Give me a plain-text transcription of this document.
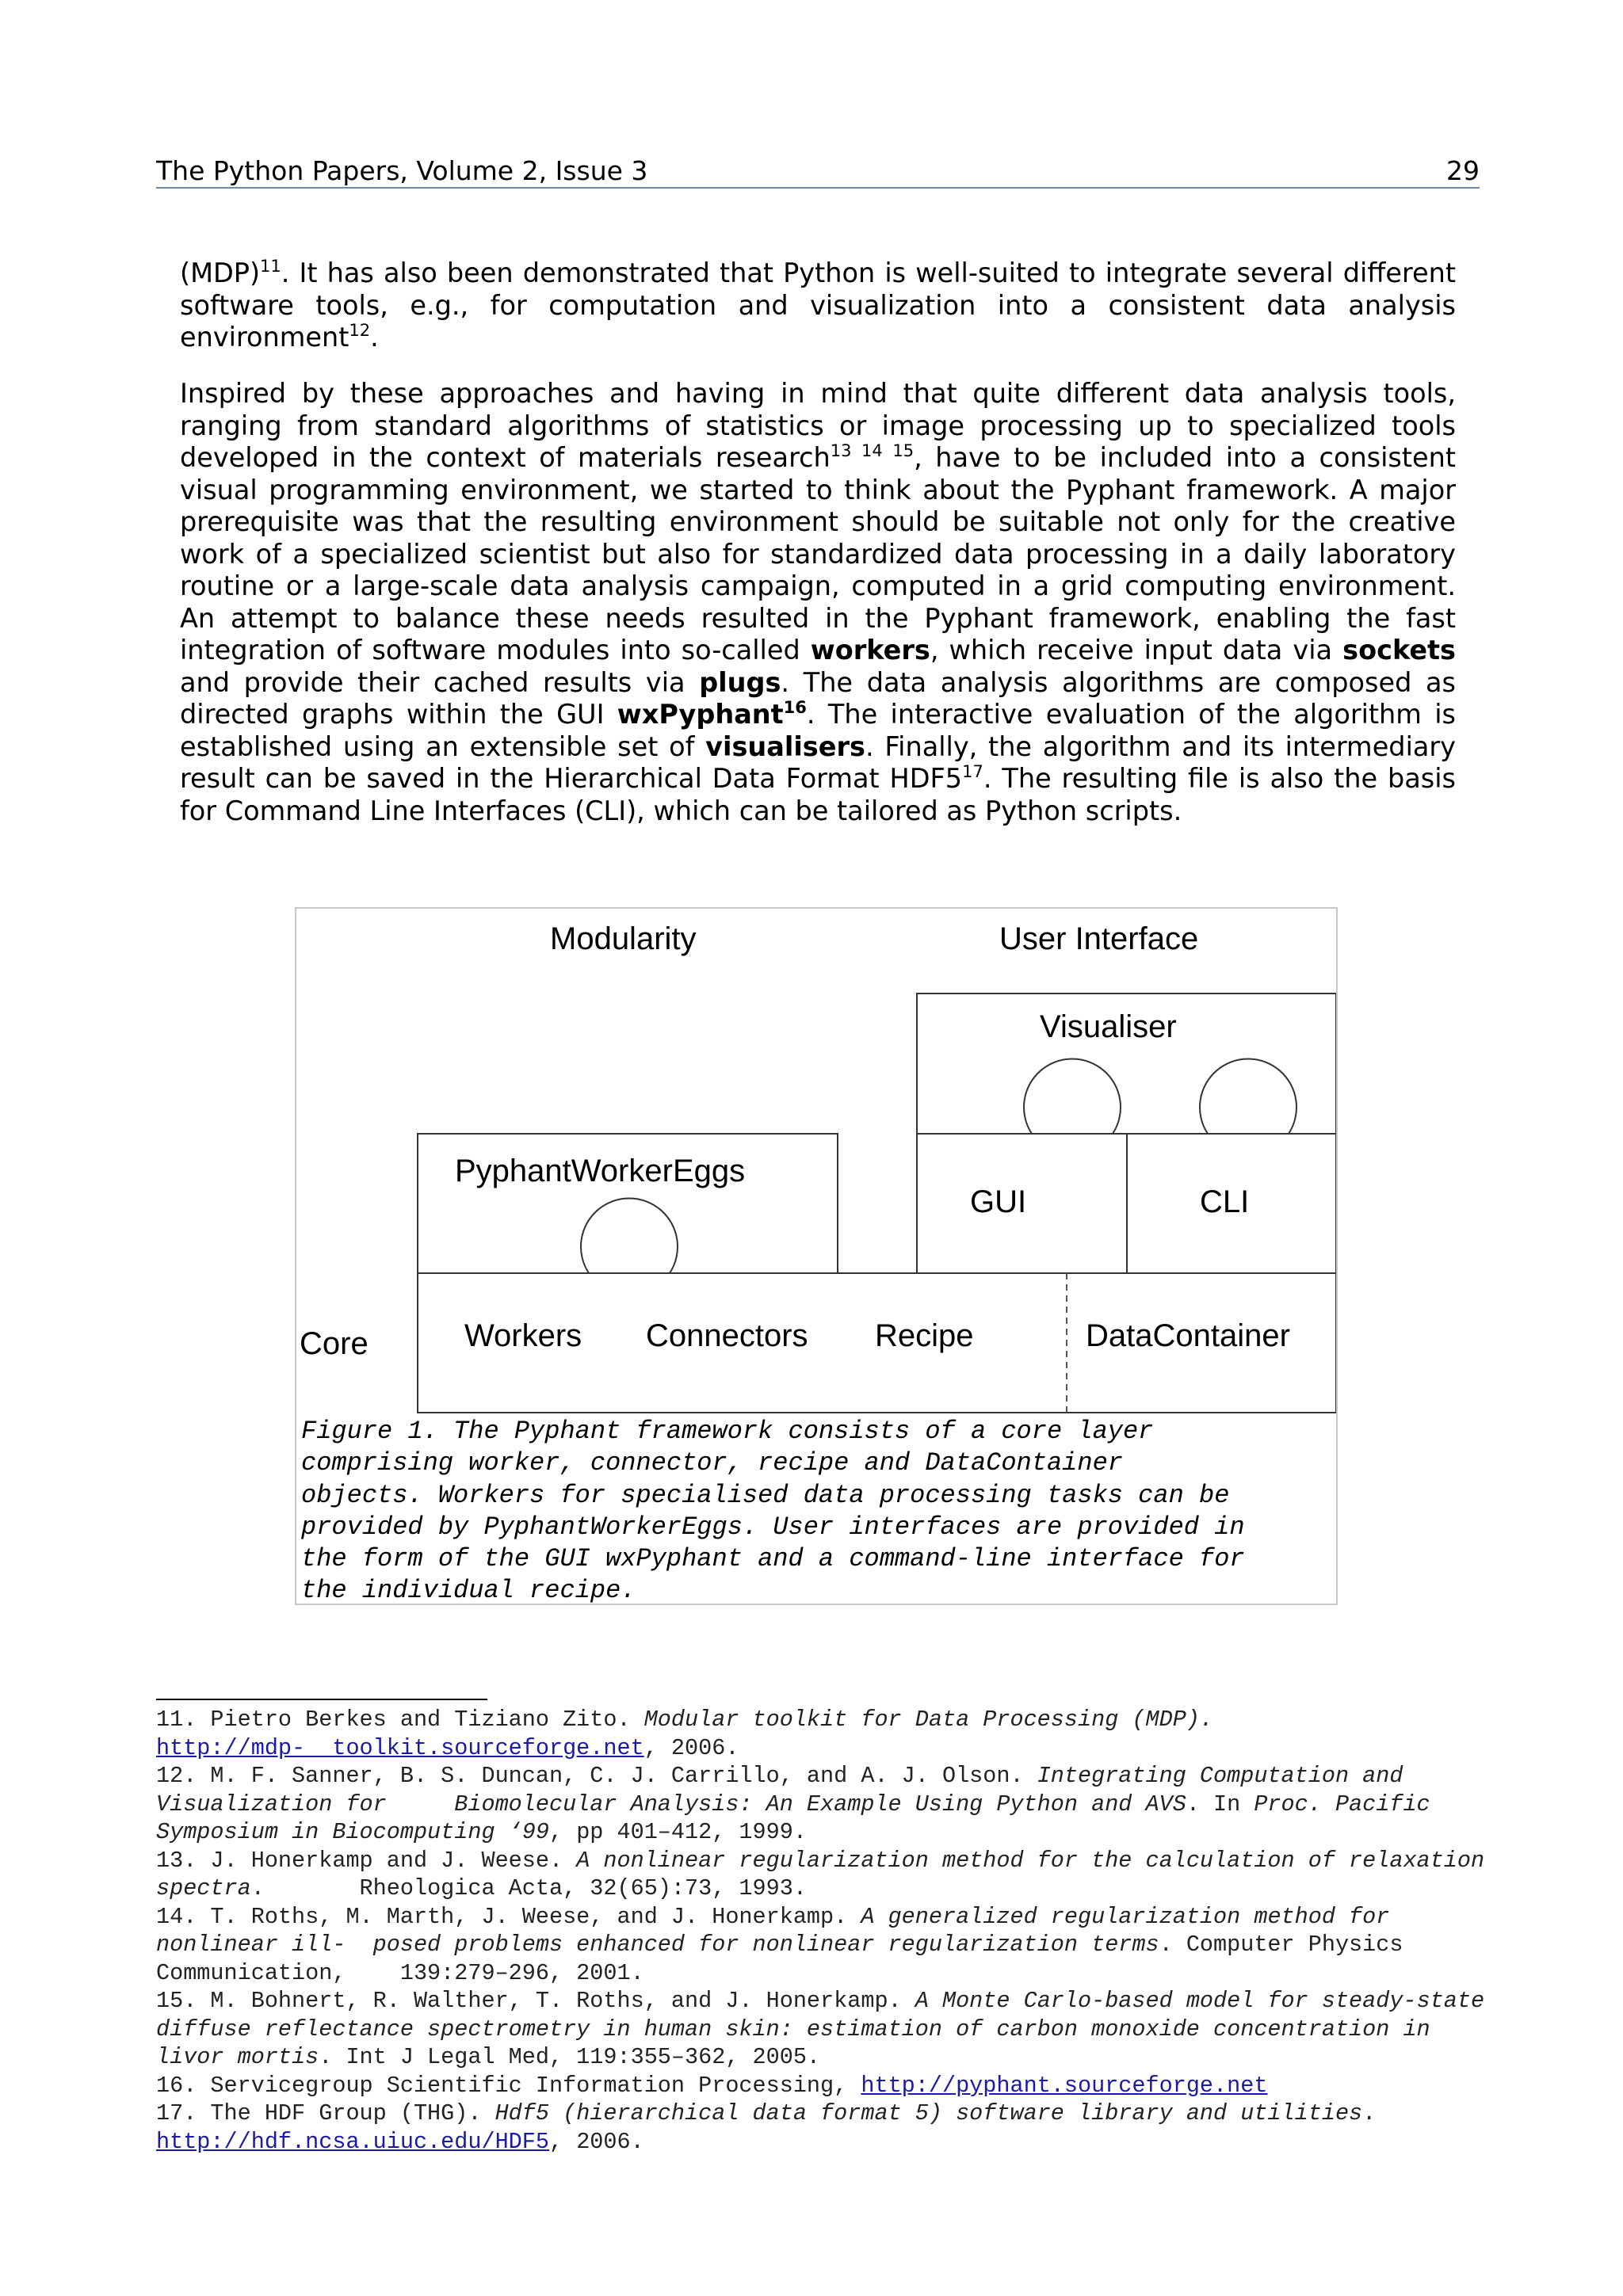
The Python Papers, Volume 2, Issue 3	29
(MDP)$^{11}$. It has also been demonstrated that Python is well-suited to integrate several different software tools, e.g., for computation and visualization into a consistent data analysis environment$^{12}$.
Inspired by these approaches and having in mind that quite different data analysis tools, ranging from standard algorithms of statistics or image processing up to specialized tools developed in the context of materials research$^{13 14 15}$, have to be included into a consistent visual programming environment, we started to think about the Pyphant framework. A major prerequisite was that the resulting environment should be suitable not only for the creative work of a specialized scientist but also for standardized data processing in a daily laboratory routine or a large-scale data analysis campaign, computed in a grid computing environment. An attempt to balance these needs resulted in the Pyphant framework, enabling the fast integration of software modules into so-called workers, which receive input data via sockets and provide their cached results via plugs. The data analysis algorithms are composed as directed graphs within the GUI wxPyphant$^{16}$. The interactive evaluation of the algorithm is established using an extensible set of visualisers. Finally, the algorithm and its intermediary result can be saved in the Hierarchical Data Format $HDF5^{17}$. The resulting file is also the basis for Command Line Interfaces (CLI), which can be tailored as Python scripts.
Modularity	User Interface
Visualiser
PyphantWorkerEggs
GUI	CLI
Core	Workers Connectors Recipe	DataContainer
Figure 1. The Pyphant framework consists of a core layer
comprising worker, connector, recipe and DataContainer
objects. Workers for specialised data processing tasks can be
provided by PyphantWorkerEggs. User interfaces are provided in
the form of the GUI wxPyphant and a command-line interface for
the individual recipe.
11. Pietro Berkes and Tiziano Zito. Modular toolkit for Data Processing (MDP).
http://mdp-  toolkit.sourceforge.net, 2006.
12. M. F. Sanner, B. S. Duncan, C. J. Carrillo, and A. J. Olson. Integrating Computation and Visualization for     Biomolecular Analysis: An Example Using Python and AVS. In Proc. Pacific Symposium in Biocomputing ‘99, pp 401–412, 1999.
13. J. Honerkamp and J. Weese. A nonlinear regularization method for the calculation of relaxation spectra.       Rheologica Acta, 32(65):73, 1993.
14. T. Roths, M. Marth, J. Weese, and J. Honerkamp. A generalized regularization method for nonlinear ill-  posed problems enhanced for nonlinear regularization terms. Computer Physics Communication,    139:279–296, 2001.
15. M. Bohnert, R. Walther, T. Roths, and J. Honerkamp. A Monte Carlo-based model for steady-state diffuse reflectance spectrometry in human skin: estimation of carbon monoxide concentration in livor mortis. Int J Legal Med, 119:355–362, 2005.
16. Servicegroup Scientific Information Processing, http://pyphant.sourceforge.net
17. The HDF Group (THG). Hdf5 (hierarchical data format 5) software library and utilities.   http://hdf.ncsa.uiuc.edu/HDF5, 2006.
